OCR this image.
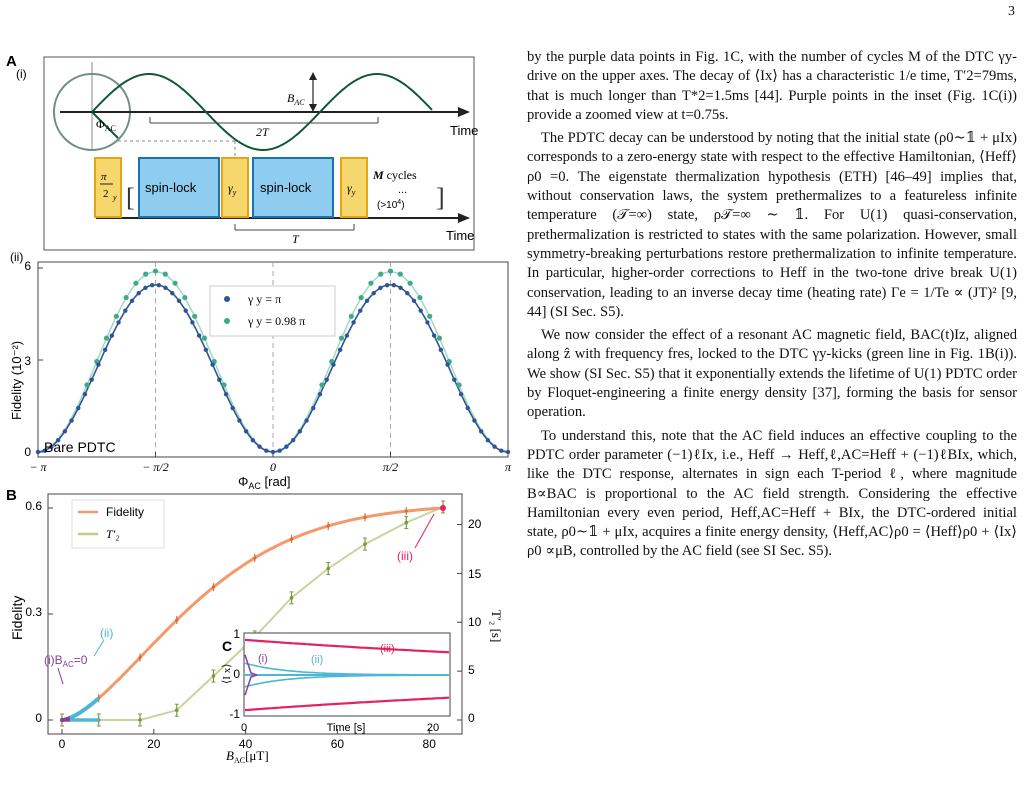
3
A
(i)
Time
$B_{AC}$
$\Phi_{AC}$	2T
Time
π
2 y [ spin-lock	$\gamma_y$ spin-lock	$\gamma_y$
M cycles
...
$(>10^4)$ ]
T
(ii)
6
3
0
Fidelity (10⁻²)
Bare PDTC
γ y = π
γ y = 0.98 π
− π	− π/2	0	π/2	π
$\Phi_{AC}$ [rad]
B
0.6
0.3
0
Fidelity
20
15
10
5
0
T′₂ [s]
Fidelity
T′₂
$(i)B_{AC}=0$
(ii)
(iii)
0	20	40	60	80
$B_{AC}[\mu T]$
C
1
0
-1
⟨I x⟩
(i)	(ii)
(iii)
0	Time [s]	20

by the purple data points in Fig. 1C, with the number of cycles M of the DTC γy-drive on the upper axes. The decay of ⟨Ix⟩ has a characteristic 1/e time, T′2=79ms, that is much longer than T*2=1.5ms [44]. Purple points in the inset (Fig. 1C(i)) provide a zoomed view at t=0.75s.

The PDTC decay can be understood by noting that the initial state (ρ0∼𝟙 + μIx) corresponds to a zero-energy state with respect to the effective Hamiltonian, ⟨Heff⟩ρ0 =0. The eigenstate thermalization hypothesis (ETH) [46–49] implies that, without conservation laws, the system prethermalizes to a featureless infinite temperature (𝒯=∞) state, ρ𝒯=∞ ∼ 𝟙. For U(1) quasi-conservation, prethermalization is restricted to states with the same polarization. However, small symmetry-breaking perturbations restore prethermalization to infinite temperature. In particular, higher-order corrections to Heff in the two-tone drive break U(1) conservation, leading to an inverse decay time (heating rate) Γe = 1/Te ∝ (JT)² [9, 44] (SI Sec. S5).

We now consider the effect of a resonant AC magnetic field, BAC(t)Iz, aligned along ẑ with frequency fres, locked to the DTC γy-kicks (green line in Fig. 1B(i)). We show (SI Sec. S5) that it exponentially extends the lifetime of U(1) PDTC order by Floquet-engineering a finite energy density [37], forming the basis for sensor operation.

To understand this, note that the AC field induces an effective coupling to the PDTC order parameter (−1)ℓIx, i.e., Heff → Heff,ℓ,AC=Heff + (−1)ℓBIx, which, like the DTC response, alternates in sign each T-period ℓ, where magnitude B∝BAC is proportional to the AC field strength. Considering the effective Hamiltonian every even period, Heff,AC=Heff + BIx, the DTC-ordered initial state, ρ0∼𝟙 + μIx, acquires a finite energy density, ⟨Heff,AC⟩ρ0 = ⟨Heff⟩ρ0 + ⟨Ix⟩ρ0 ∝μB, controlled by the AC field (see SI Sec. S5).
